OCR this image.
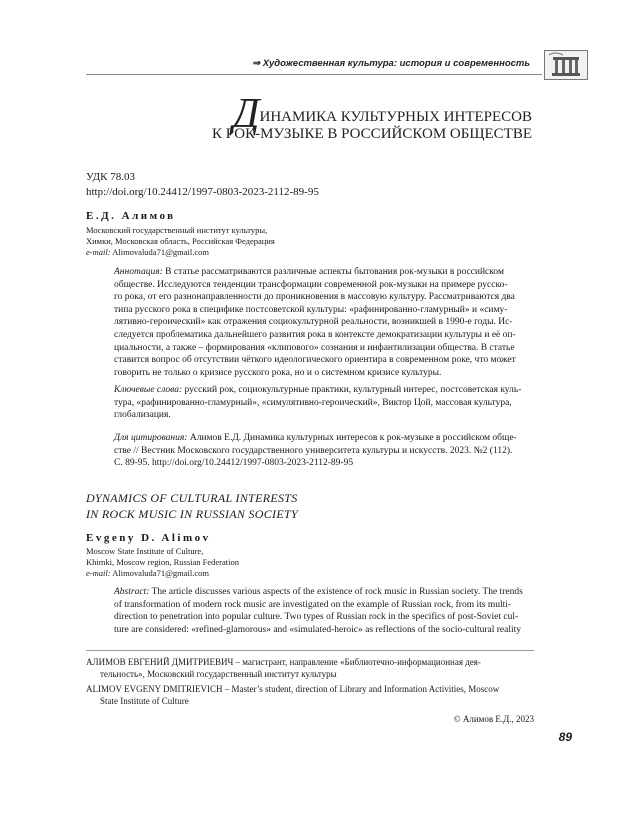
⇒ Художественная культура: история и современность
ДИНАМИКА КУЛЬТУРНЫХ ИНТЕРЕСОВ
К РОК-МУЗЫКЕ В РОССИЙСКОМ ОБЩЕСТВЕ
УДК 78.03
http://doi.org/10.24412/1997-0803-2023-2112-89-95
Е.Д. Алимов
Московский государственный институт культуры,
Химки, Московская область, Российская Федерация
e-mail: Alimovaluda71@gmail.com
Аннотация: В статье рассматриваются различные аспекты бытования рок-музыки в российском
обществе. Исследуются тенденции трансформации современной рок-музыки на примере русско-
го рока, от его разнонаправленности до проникновения в массовую культуру. Рассматриваются два
типа русского рока в специфике постсоветской культуры: «рафинированно-гламурный» и «симу-
лятивно-героический» как отражения социокультурной реальности, возникшей в 1990-е годы. Ис-
следуется проблематика дальнейшего развития рока в контексте демократизации культуры и её оп-
циальности, а также – формирования «клипового» сознания и инфантилизации общества. В статье
ставится вопрос об отсутствии чёткого идеологического ориентира в современном роке, что может
говорить не только о кризисе русского рока, но и о системном кризисе культуры.
Ключевые слова: русский рок, социокультурные практики, культурный интерес, постсоветская куль-
тура, «рафинированно-гламурный», «симулятивно-героический», Виктор Цой, массовая культура,
глобализация.
Для цитирования: Алимов Е.Д. Динамика культурных интересов к рок-музыке в российском обще-
стве // Вестник Московского государственного университета культуры и искусств. 2023. №2 (112).
С. 89-95. http://doi.org/10.24412/1997-0803-2023-2112-89-95
DYNAMICS OF CULTURAL INTERESTS
IN ROCK MUSIC IN RUSSIAN SOCIETY
Evgeny D. Alimov
Moscow State Institute of Culture,
Khimki, Moscow region, Russian Federation
e-mail: Alimovaluda71@gmail.com
Abstract: The article discusses various aspects of the existence of rock music in Russian society. The trends
of transformation of modern rock music are investigated on the example of Russian rock, from its multi-
direction to penetration into popular culture. Two types of Russian rock in the specifics of post-Soviet cul-
ture are considered: «refined-glamorous» and «simulated-heroic» as reflections of the socio-cultural reality
АЛИМОВ ЕВГЕНИЙ ДМИТРИЕВИЧ – магистрант, направление «Библиотечно-информационная дея-
тельность», Московский государственный институт культуры
ALIMOV EVGENY DMITRIEVICH – Master’s student, direction of Library and Information Activities, Moscow
State Institute of Culture
© Алимов Е.Д., 2023
89
